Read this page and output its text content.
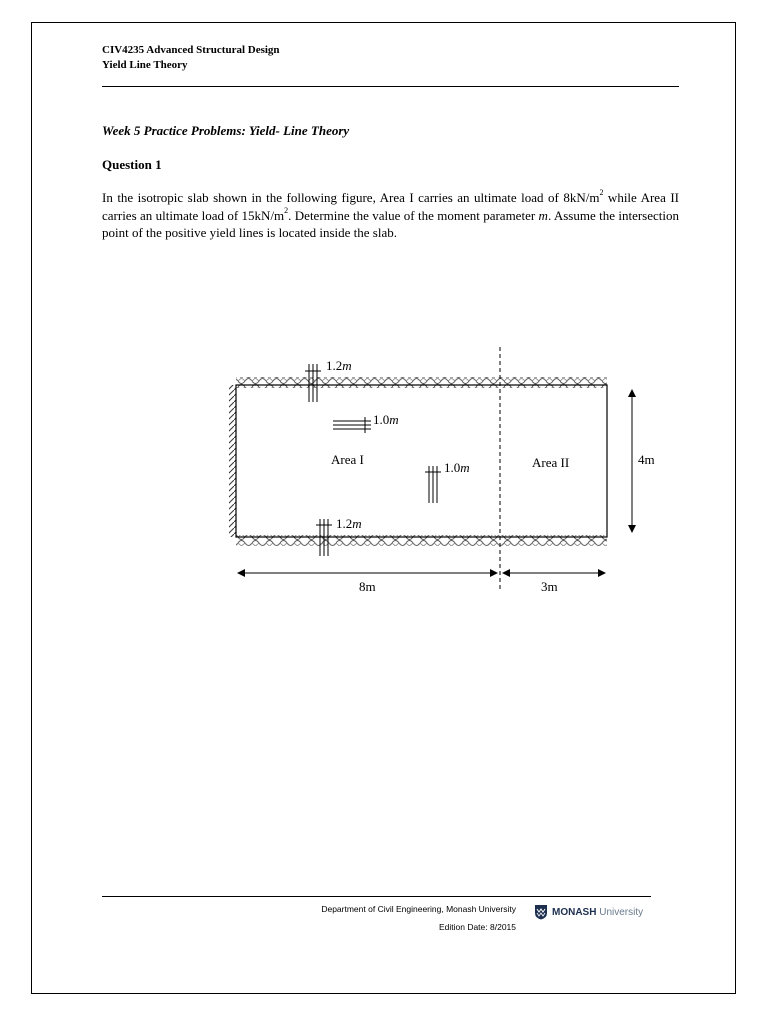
CIV4235 Advanced Structural Design
Yield Line Theory
Week 5 Practice Problems: Yield- Line Theory
Question 1
In the isotropic slab shown in the following figure, Area I carries an ultimate load of $8kN/m^2$ while Area II carries an ultimate load of $15kN/m^2$. Determine the value of the moment parameter m. Assume the intersection point of the positive yield lines is located inside the slab.
1.2m
1.0m
1.0m
1.2m
Area I	Area II	4m
8m	3m
Department of Civil Engineering, Monash University
Edition Date: 8/2015
MONASH University
